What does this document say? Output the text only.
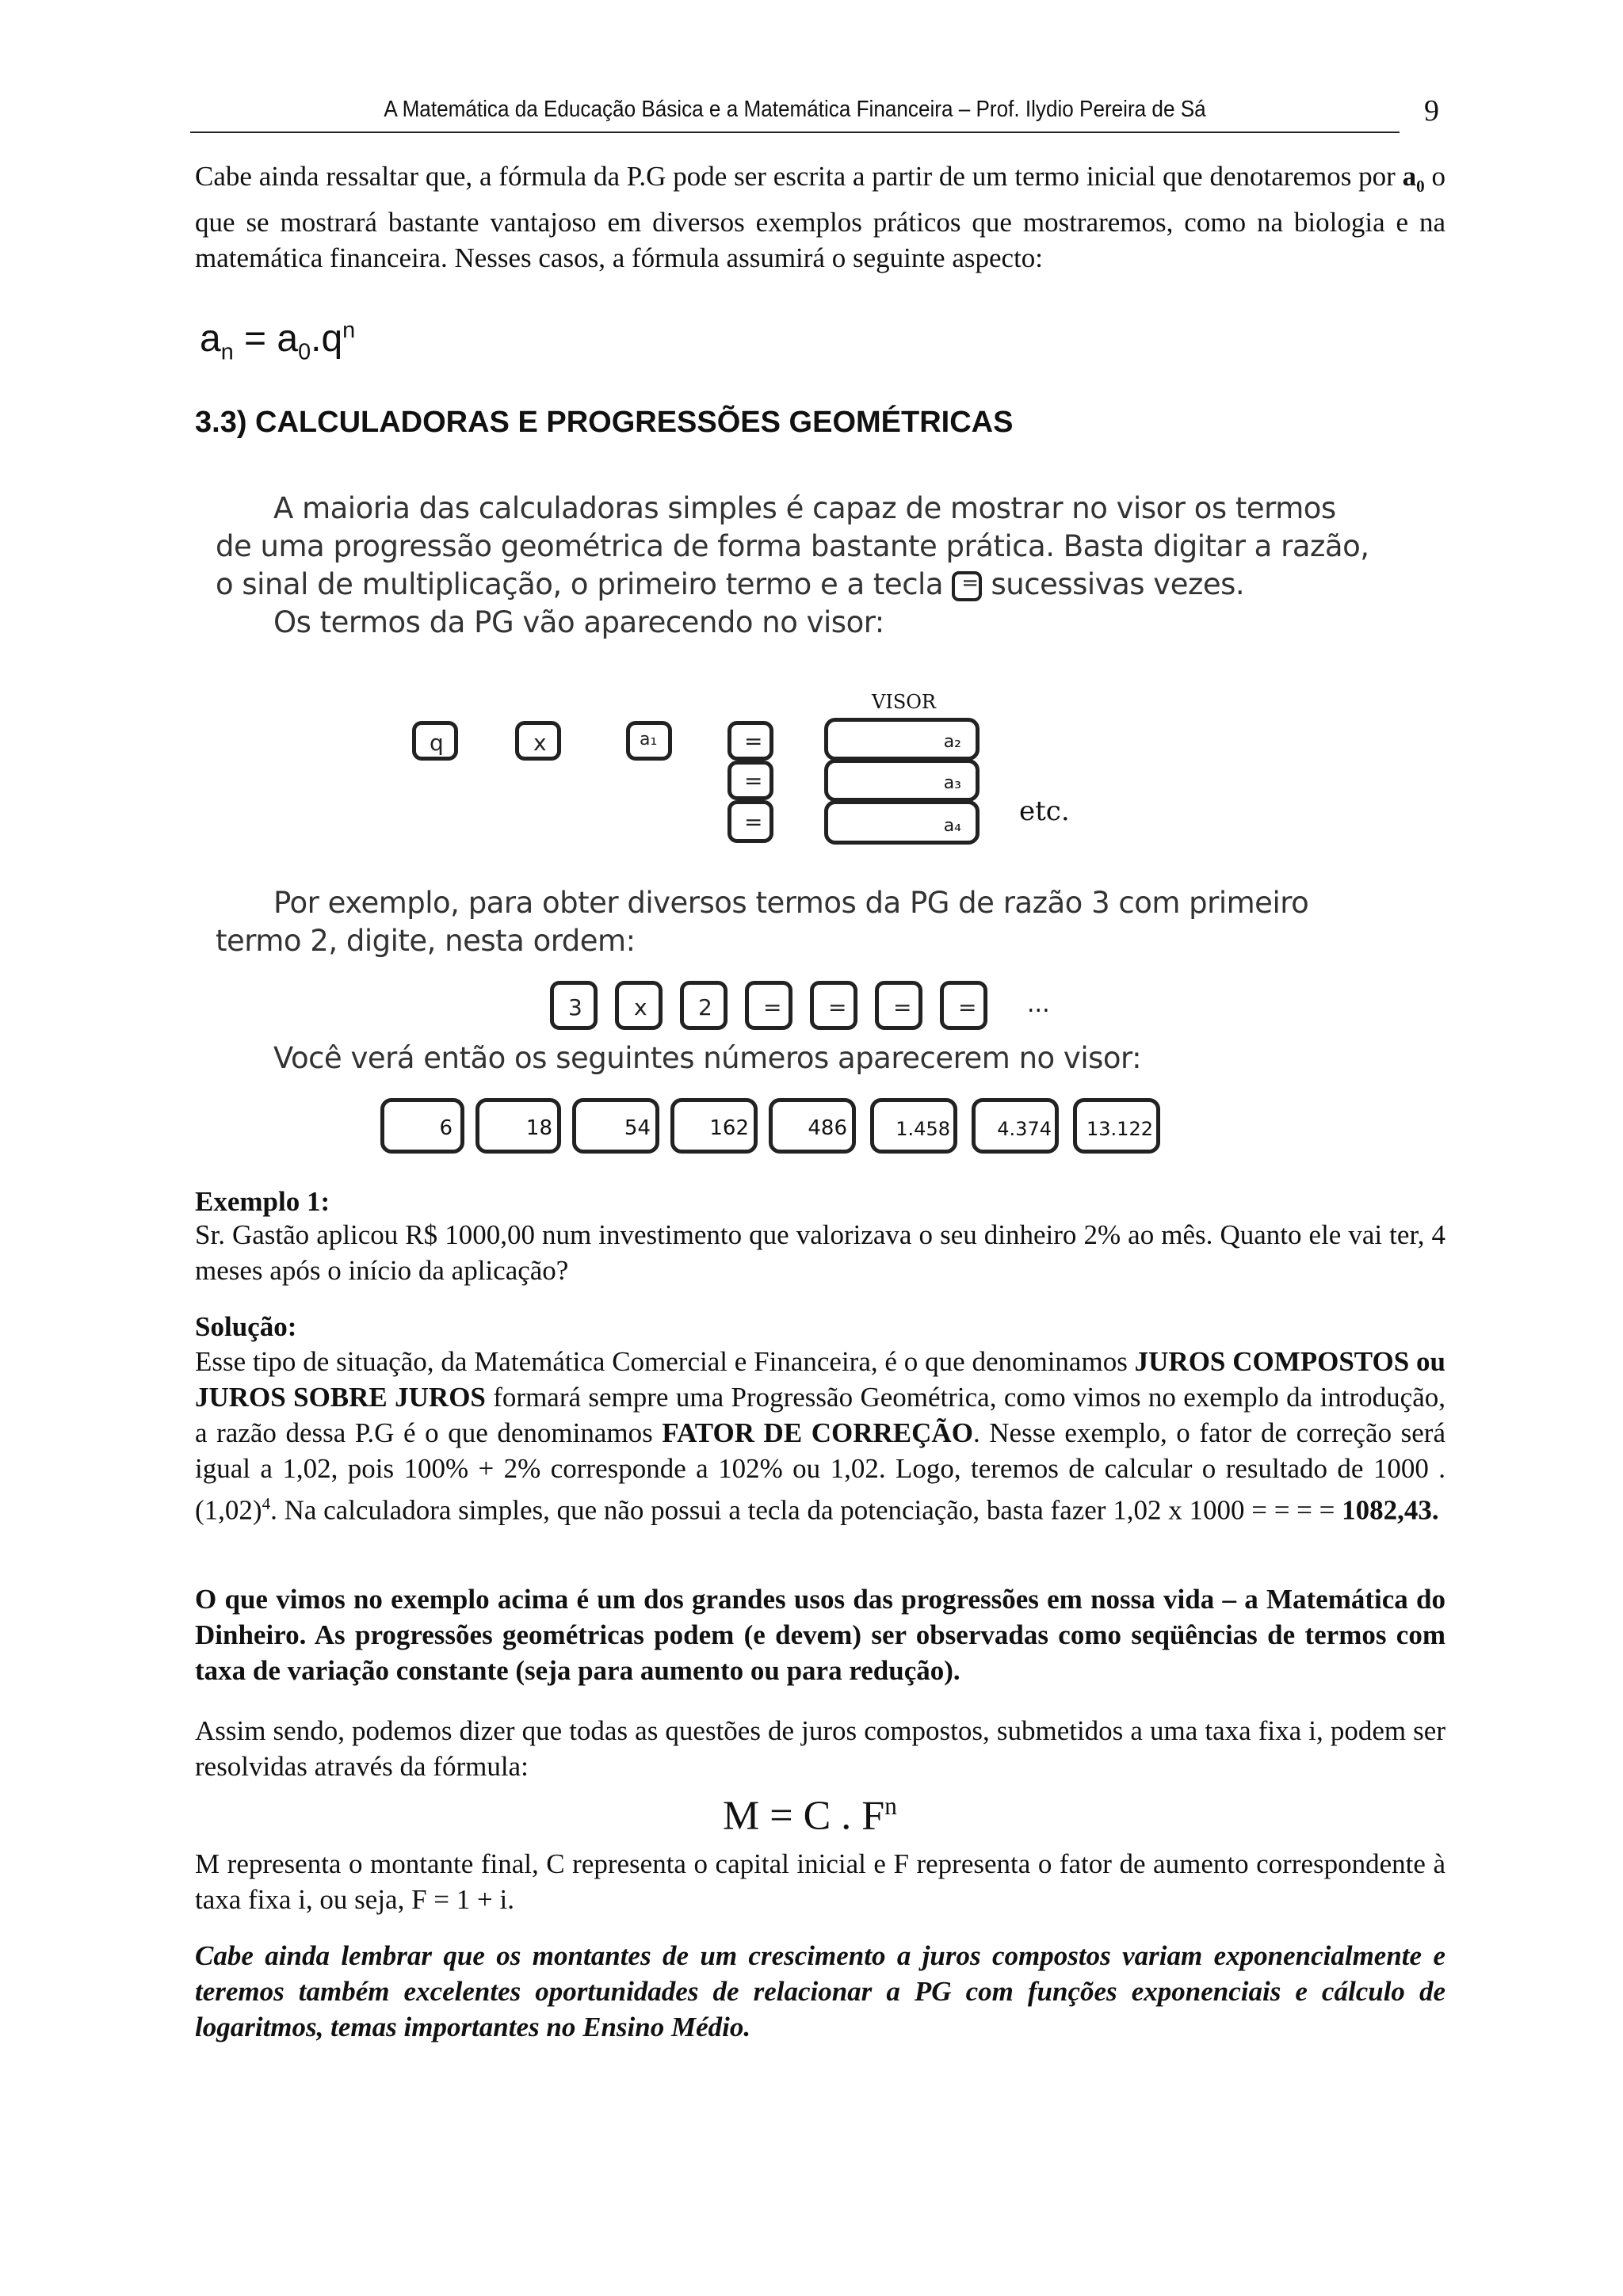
A Matemática da Educação Básica e a Matemática Financeira – Prof. Ilydio Pereira de Sá	9
Cabe ainda ressaltar que, a fórmula da P.G pode ser escrita a partir de um termo inicial que denotaremos por $a_0$ o que se mostrará bastante vantajoso em diversos exemplos práticos que mostraremos, como na biologia e na matemática financeira. Nesses casos, a fórmula assumirá o seguinte aspecto:
$a_n = a_0.q^n$
3.3) CALCULADORAS E PROGRESSÕES GEOMÉTRICAS
A maioria das calculadoras simples é capaz de mostrar no visor os termos
de uma progressão geométrica de forma bastante prática. Basta digitar a razão,
o sinal de multiplicação, o primeiro termo e a tecla = sucessivas vezes.
Os termos da PG vão aparecendo no visor:
VISOR
q	x	a₁	=
=
=
a₂
a₃
a₄ etc.
Por exemplo, para obter diversos termos da PG de razão 3 com primeiro
termo 2, digite, nesta ordem:
3 x 2 = = = = ...
Você verá então os seguintes números aparecerem no visor:
6	18	54	162	486	1.458 4.374 13.122
Exemplo 1:
Sr. Gastão aplicou R$ 1000,00 num investimento que valorizava o seu dinheiro 2% ao mês. Quanto ele vai ter, 4 meses após o início da aplicação?
Solução:
Esse tipo de situação, da Matemática Comercial e Financeira, é o que denominamos JUROS COMPOSTOS ou JUROS SOBRE JUROS formará sempre uma Progressão Geométrica, como vimos no exemplo da introdução, a razão dessa P.G é o que denominamos FATOR DE CORREÇÃO. Nesse exemplo, o fator de correção será igual a 1,02, pois 100% + 2% corresponde a 102% ou 1,02. Logo, teremos de calcular o resultado de 1000 . $(1,02)^4$. Na calculadora simples, que não possui a tecla da potenciação, basta fazer 1,02 x 1000 = = = = 1082,43.
O que vimos no exemplo acima é um dos grandes usos das progressões em nossa vida – a Matemática do Dinheiro. As progressões geométricas podem (e devem) ser observadas como seqüências de termos com taxa de variação constante (seja para aumento ou para redução).
Assim sendo, podemos dizer que todas as questões de juros compostos, submetidos a uma taxa fixa i, podem ser resolvidas através da fórmula:
M = C . $F^n$
M representa o montante final, C representa o capital inicial e F representa o fator de aumento correspondente à taxa fixa i, ou seja, F = 1 + i.
Cabe ainda lembrar que os montantes de um crescimento a juros compostos variam exponencialmente e teremos também excelentes oportunidades de relacionar a PG com funções exponenciais e cálculo de logaritmos, temas importantes no Ensino Médio.
